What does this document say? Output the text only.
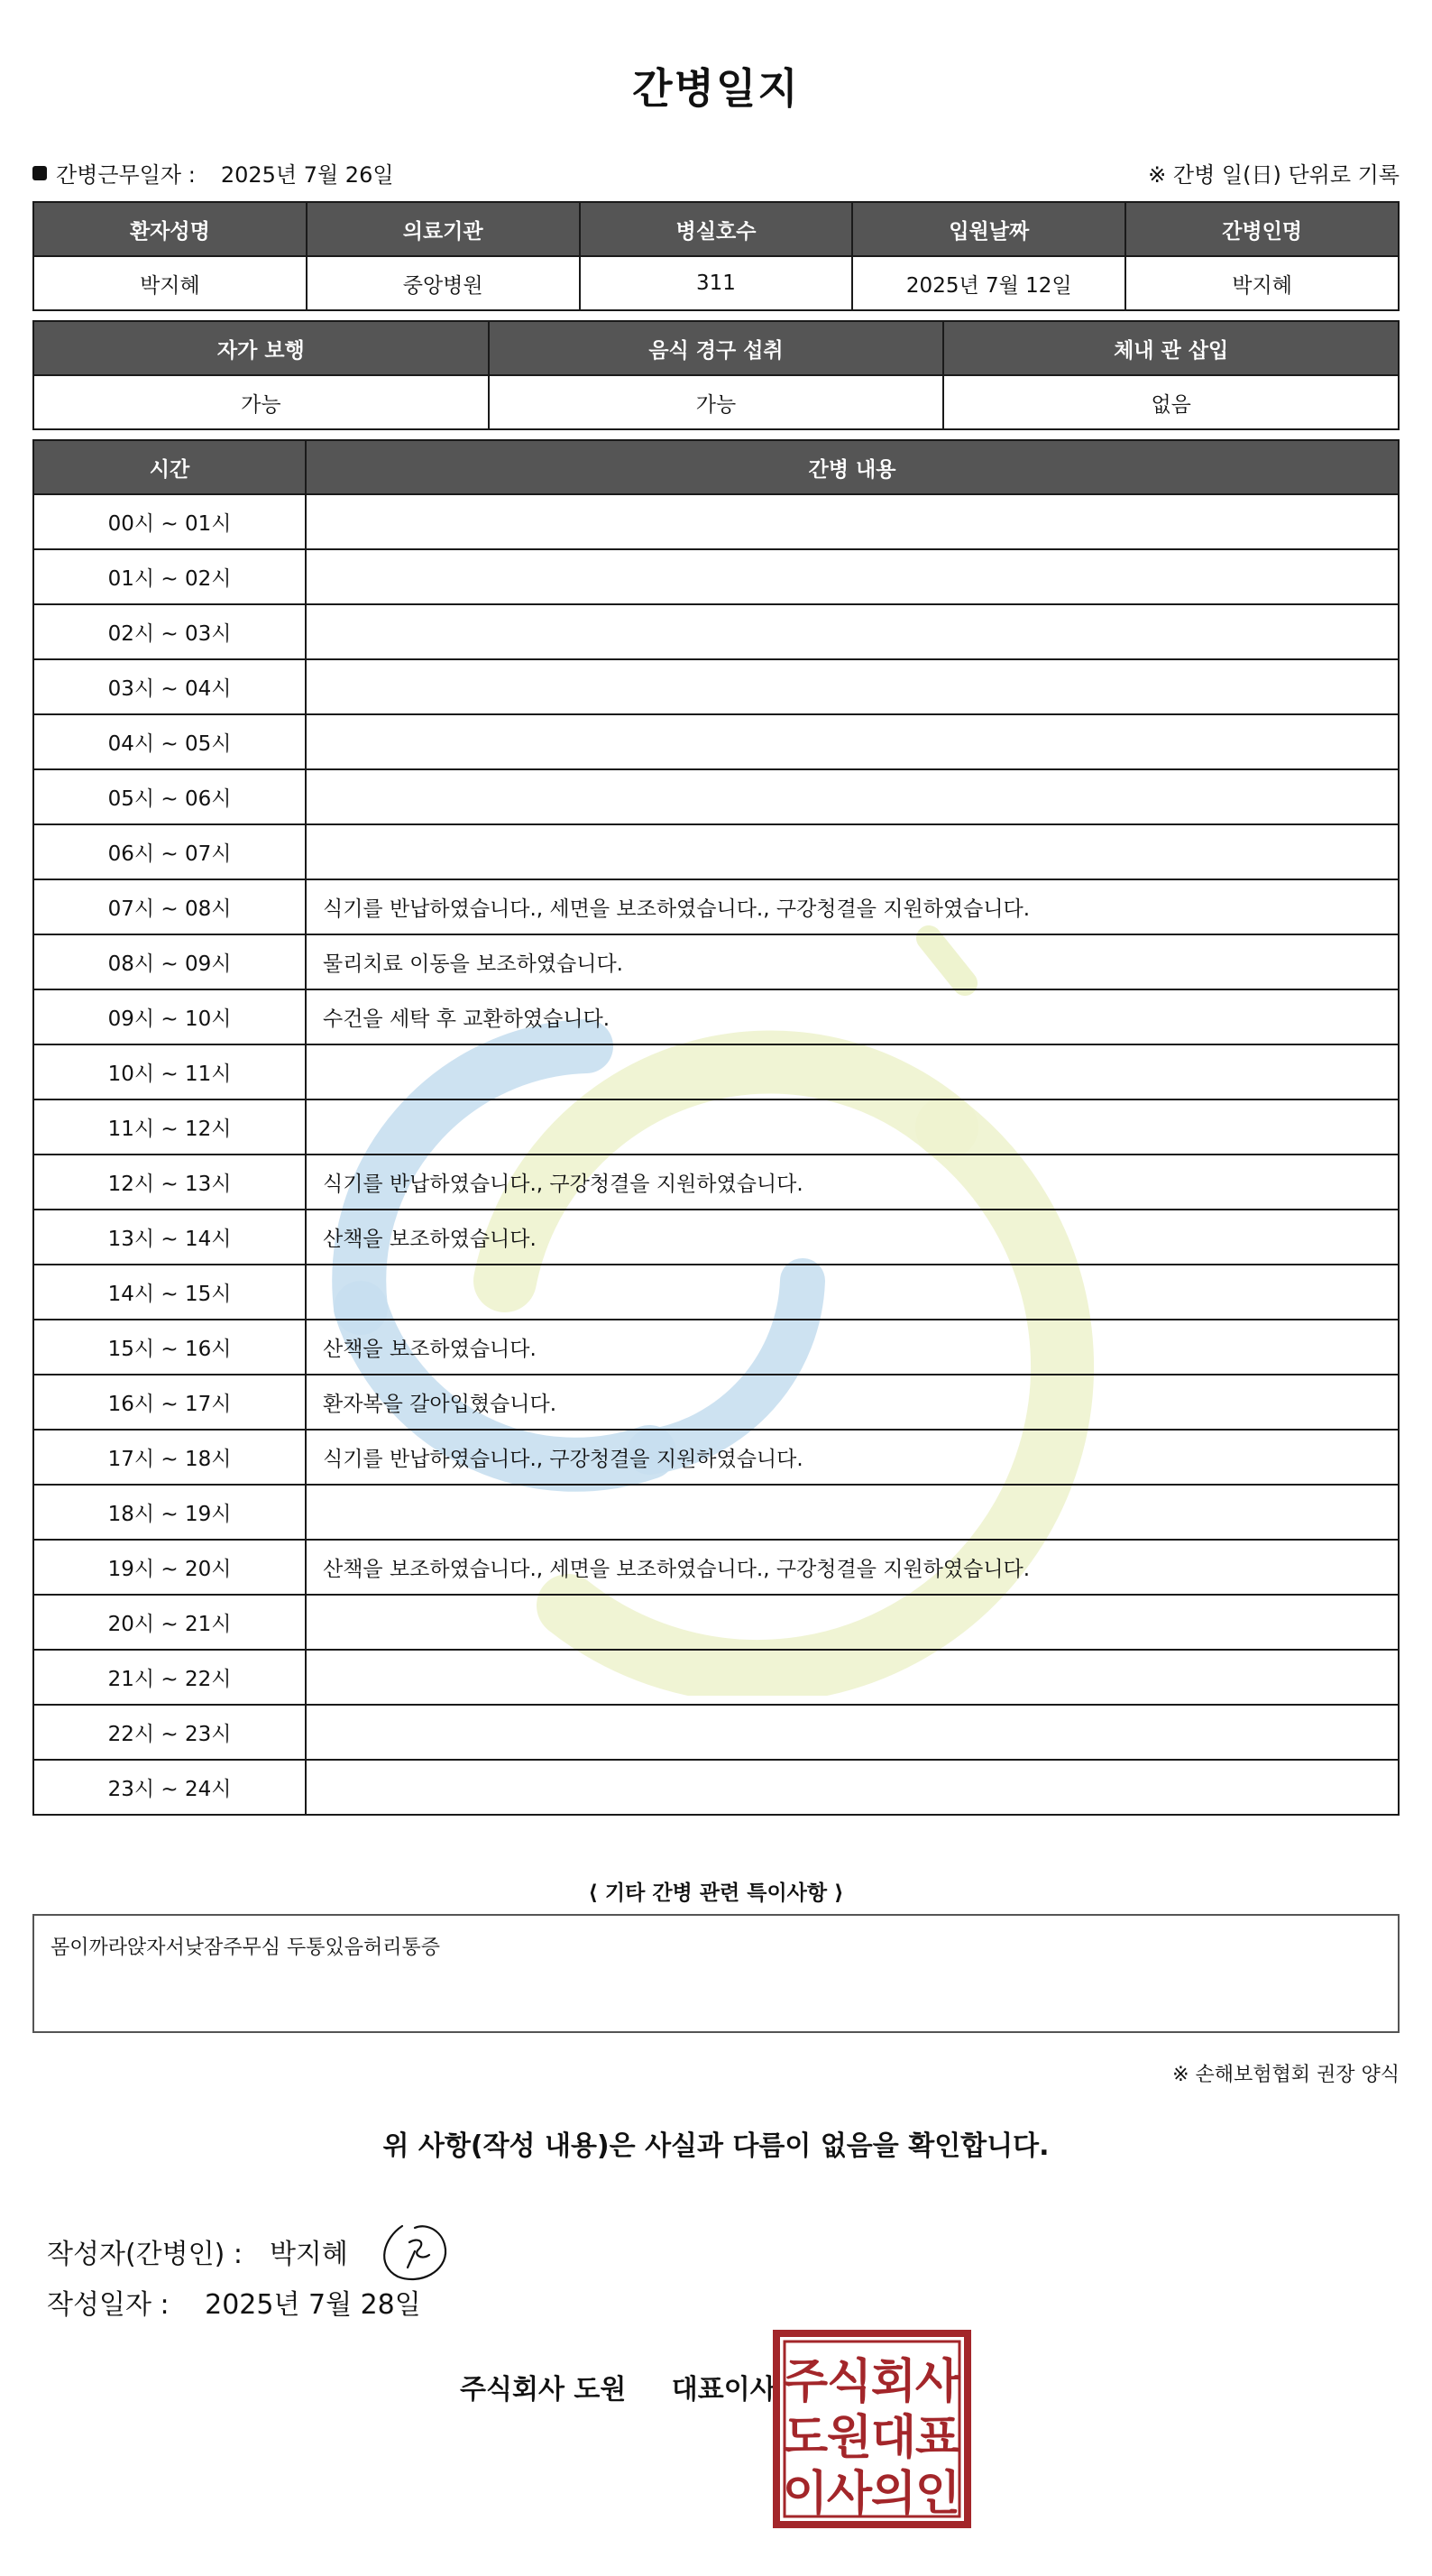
간병일지
간병근무일자 : 2025년 7월 26일	※ 간병 일(日) 단위로 기록
환자성명	의료기관	병실호수	입원날짜	간병인명
박지혜	중앙병원	311	2025년 7월 12일	박지혜
자가 보행	음식 경구 섭취	체내 관 삽입
가능	가능	없음
시간	간병 내용
00시 ~ 01시	
01시 ~ 02시	
02시 ~ 03시	
03시 ~ 04시	
04시 ~ 05시	
05시 ~ 06시	
06시 ~ 07시	
07시 ~ 08시	식기를 반납하였습니다., 세면을 보조하였습니다., 구강청결을 지원하였습니다.
08시 ~ 09시	물리치료 이동을 보조하였습니다.
09시 ~ 10시	수건을 세탁 후 교환하였습니다.
10시 ~ 11시	
11시 ~ 12시	
12시 ~ 13시	식기를 반납하였습니다., 구강청결을 지원하였습니다.
13시 ~ 14시	산책을 보조하였습니다.
14시 ~ 15시	
15시 ~ 16시	산책을 보조하였습니다.
16시 ~ 17시	환자복을 갈아입혔습니다.
17시 ~ 18시	식기를 반납하였습니다., 구강청결을 지원하였습니다.
18시 ~ 19시	
19시 ~ 20시	산책을 보조하였습니다., 세면을 보조하였습니다., 구강청결을 지원하였습니다.
20시 ~ 21시	
21시 ~ 22시	
22시 ~ 23시	
23시 ~ 24시	
⟨ 기타 간병 관련 특이사항 ⟩
몸이까라앉자서낮잠주무심 두통있음허리통증
※ 손해보험협회 권장 양식
위 사항(작성 내용)은 사실과 다름이 없음을 확인합니다.
작성자(간병인) : 박지혜
작성일자 : 2025년 7월 28일
주식회사 도원 대표이사 주
식
회
사
도
원
대
표
이
사
의
인
